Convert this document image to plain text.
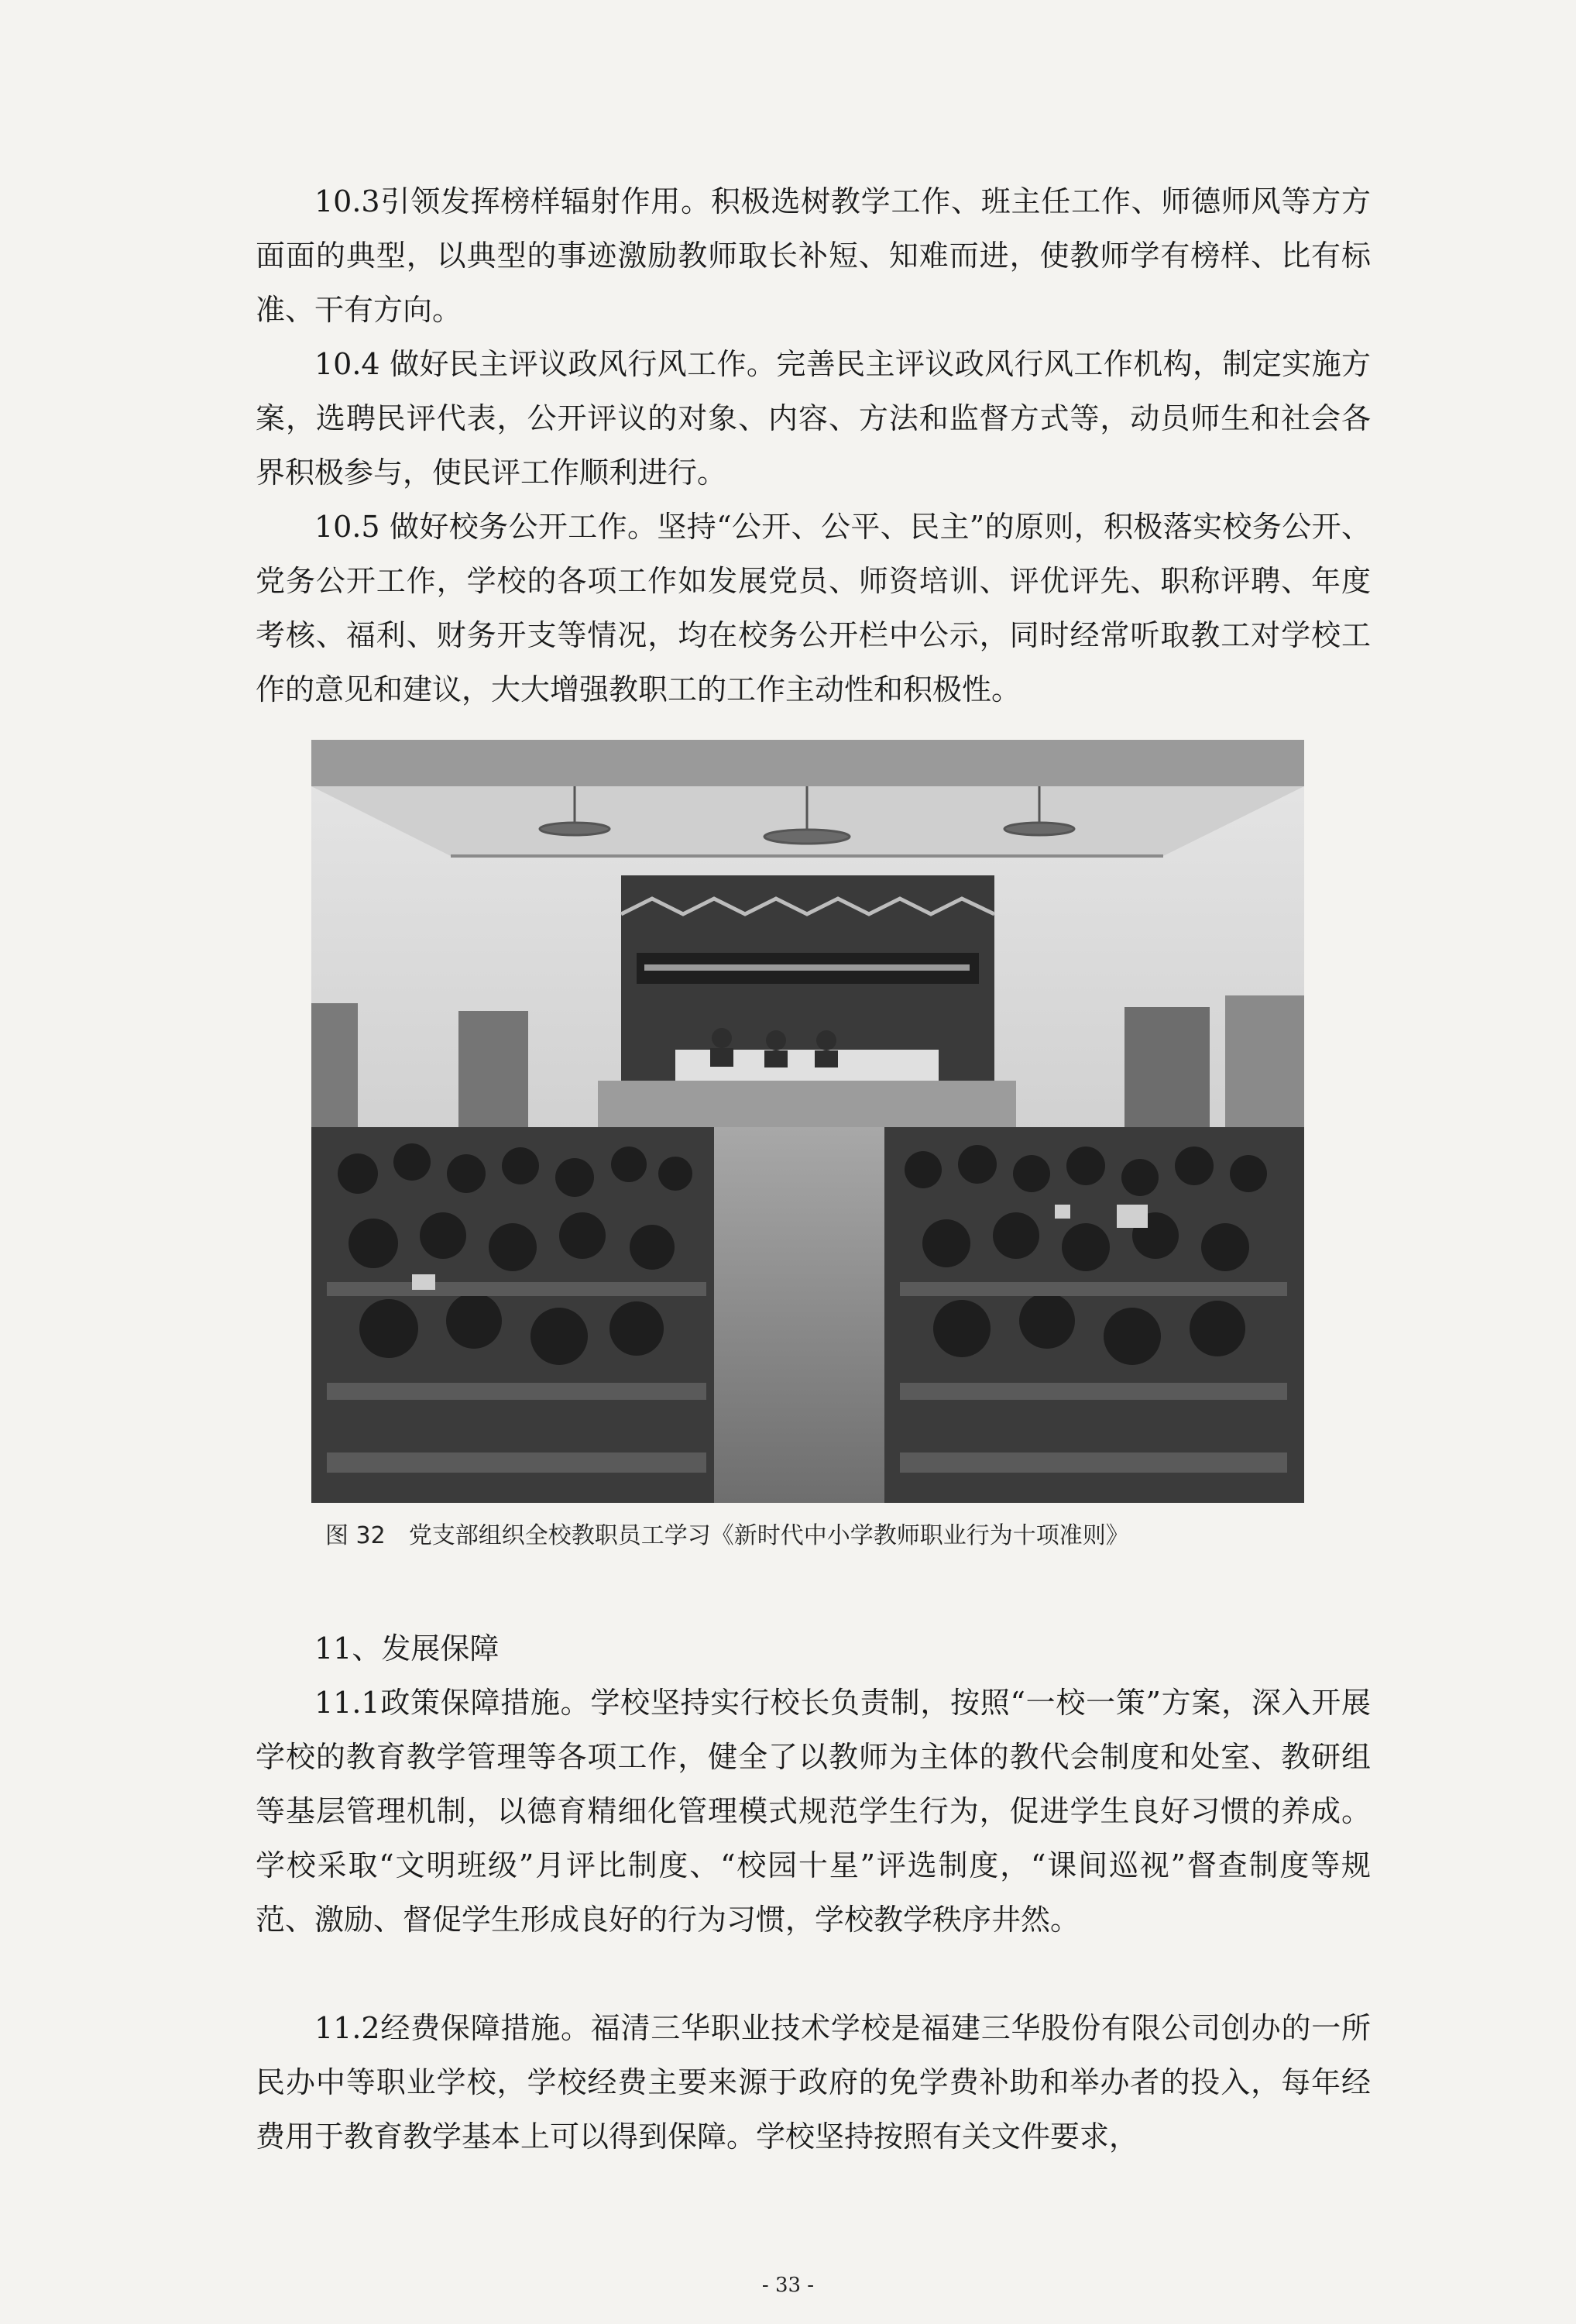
10.3引领发挥榜样辐射作用。积极选树教学工作、班主任工作、师德师风等方方面面的典型，以典型的事迹激励教师取长补短、知难而进，使教师学有榜样、比有标准、干有方向。

10.4 做好民主评议政风行风工作。完善民主评议政风行风工作机构，制定实施方案，选聘民评代表，公开评议的对象、内容、方法和监督方式等，动员师生和社会各界积极参与，使民评工作顺利进行。

10.5 做好校务公开工作。坚持“公开、公平、民主”的原则，积极落实校务公开、党务公开工作，学校的各项工作如发展党员、师资培训、评优评先、职称评聘、年度考核、福利、财务开支等情况，均在校务公开栏中公示，同时经常听取教工对学校工作的意见和建议，大大增强教职工的工作主动性和积极性。

图 32　党支部组织全校教职员工学习《新时代中小学教师职业行为十项准则》

11、发展保障

11.1政策保障措施。学校坚持实行校长负责制，按照“一校一策”方案，深入开展学校的教育教学管理等各项工作，健全了以教师为主体的教代会制度和处室、教研组等基层管理机制，以德育精细化管理模式规范学生行为，促进学生良好习惯的养成。学校采取“文明班级”月评比制度、“校园十星”评选制度，“课间巡视”督查制度等规范、激励、督促学生形成良好的行为习惯，学校教学秩序井然。

11.2经费保障措施。福清三华职业技术学校是福建三华股份有限公司创办的一所民办中等职业学校，学校经费主要来源于政府的免学费补助和举办者的投入，每年经费用于教育教学基本上可以得到保障。学校坚持按照有关文件要求，

- 33 -
